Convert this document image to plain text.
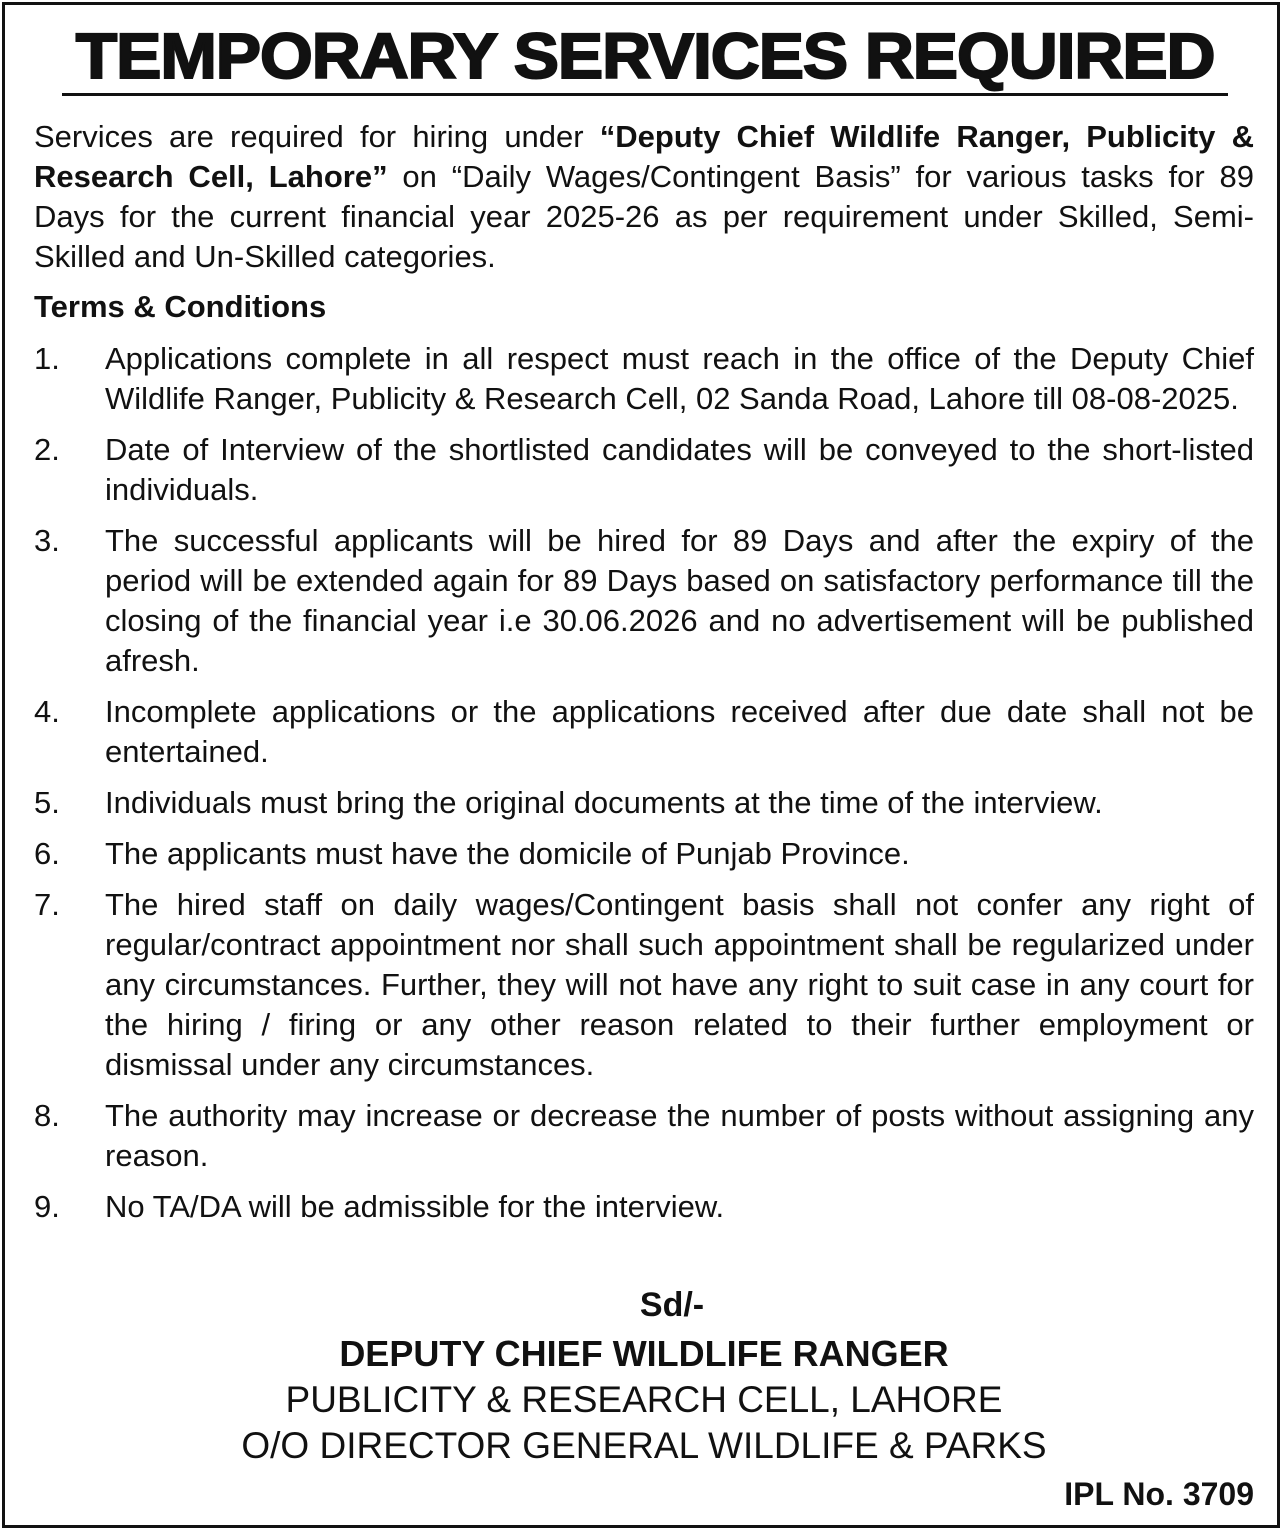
TEMPORARY SERVICES REQUIRED
Services are required for hiring under “Deputy Chief Wildlife Ranger, Publicity & Research Cell, Lahore” on “Daily Wages/Contingent Basis” for various tasks for 89 Days for the current financial year 2025-26 as per requirement under Skilled, Semi-Skilled and Un-Skilled categories.
Terms & Conditions
1.	Applications complete in all respect must reach in the office of the Deputy Chief Wildlife Ranger, Publicity & Research Cell, 02 Sanda Road, Lahore till 08-08-2025.
2.	Date of Interview of the shortlisted candidates will be conveyed to the short-listed individuals.
3.	The successful applicants will be hired for 89 Days and after the expiry of the period will be extended again for 89 Days based on satisfactory performance till the closing of the financial year i.e 30.06.2026 and no advertisement will be published afresh.
4.	Incomplete applications or the applications received after due date shall not be entertained.
5.	Individuals must bring the original documents at the time of the interview.
6.	The applicants must have the domicile of Punjab Province.
7.	The hired staff on daily wages/Contingent basis shall not confer any right of regular/contract appointment nor shall such appointment shall be regularized under any circumstances. Further, they will not have any right to suit case in any court for the hiring / firing or any other reason related to their further employment or dismissal under any circumstances.
8.	The authority may increase or decrease the number of posts without assigning any reason.
9.	No TA/DA will be admissible for the interview.
Sd/-
DEPUTY CHIEF WILDLIFE RANGER
PUBLICITY & RESEARCH CELL, LAHORE
O/O DIRECTOR GENERAL WILDLIFE & PARKS
IPL No. 3709
